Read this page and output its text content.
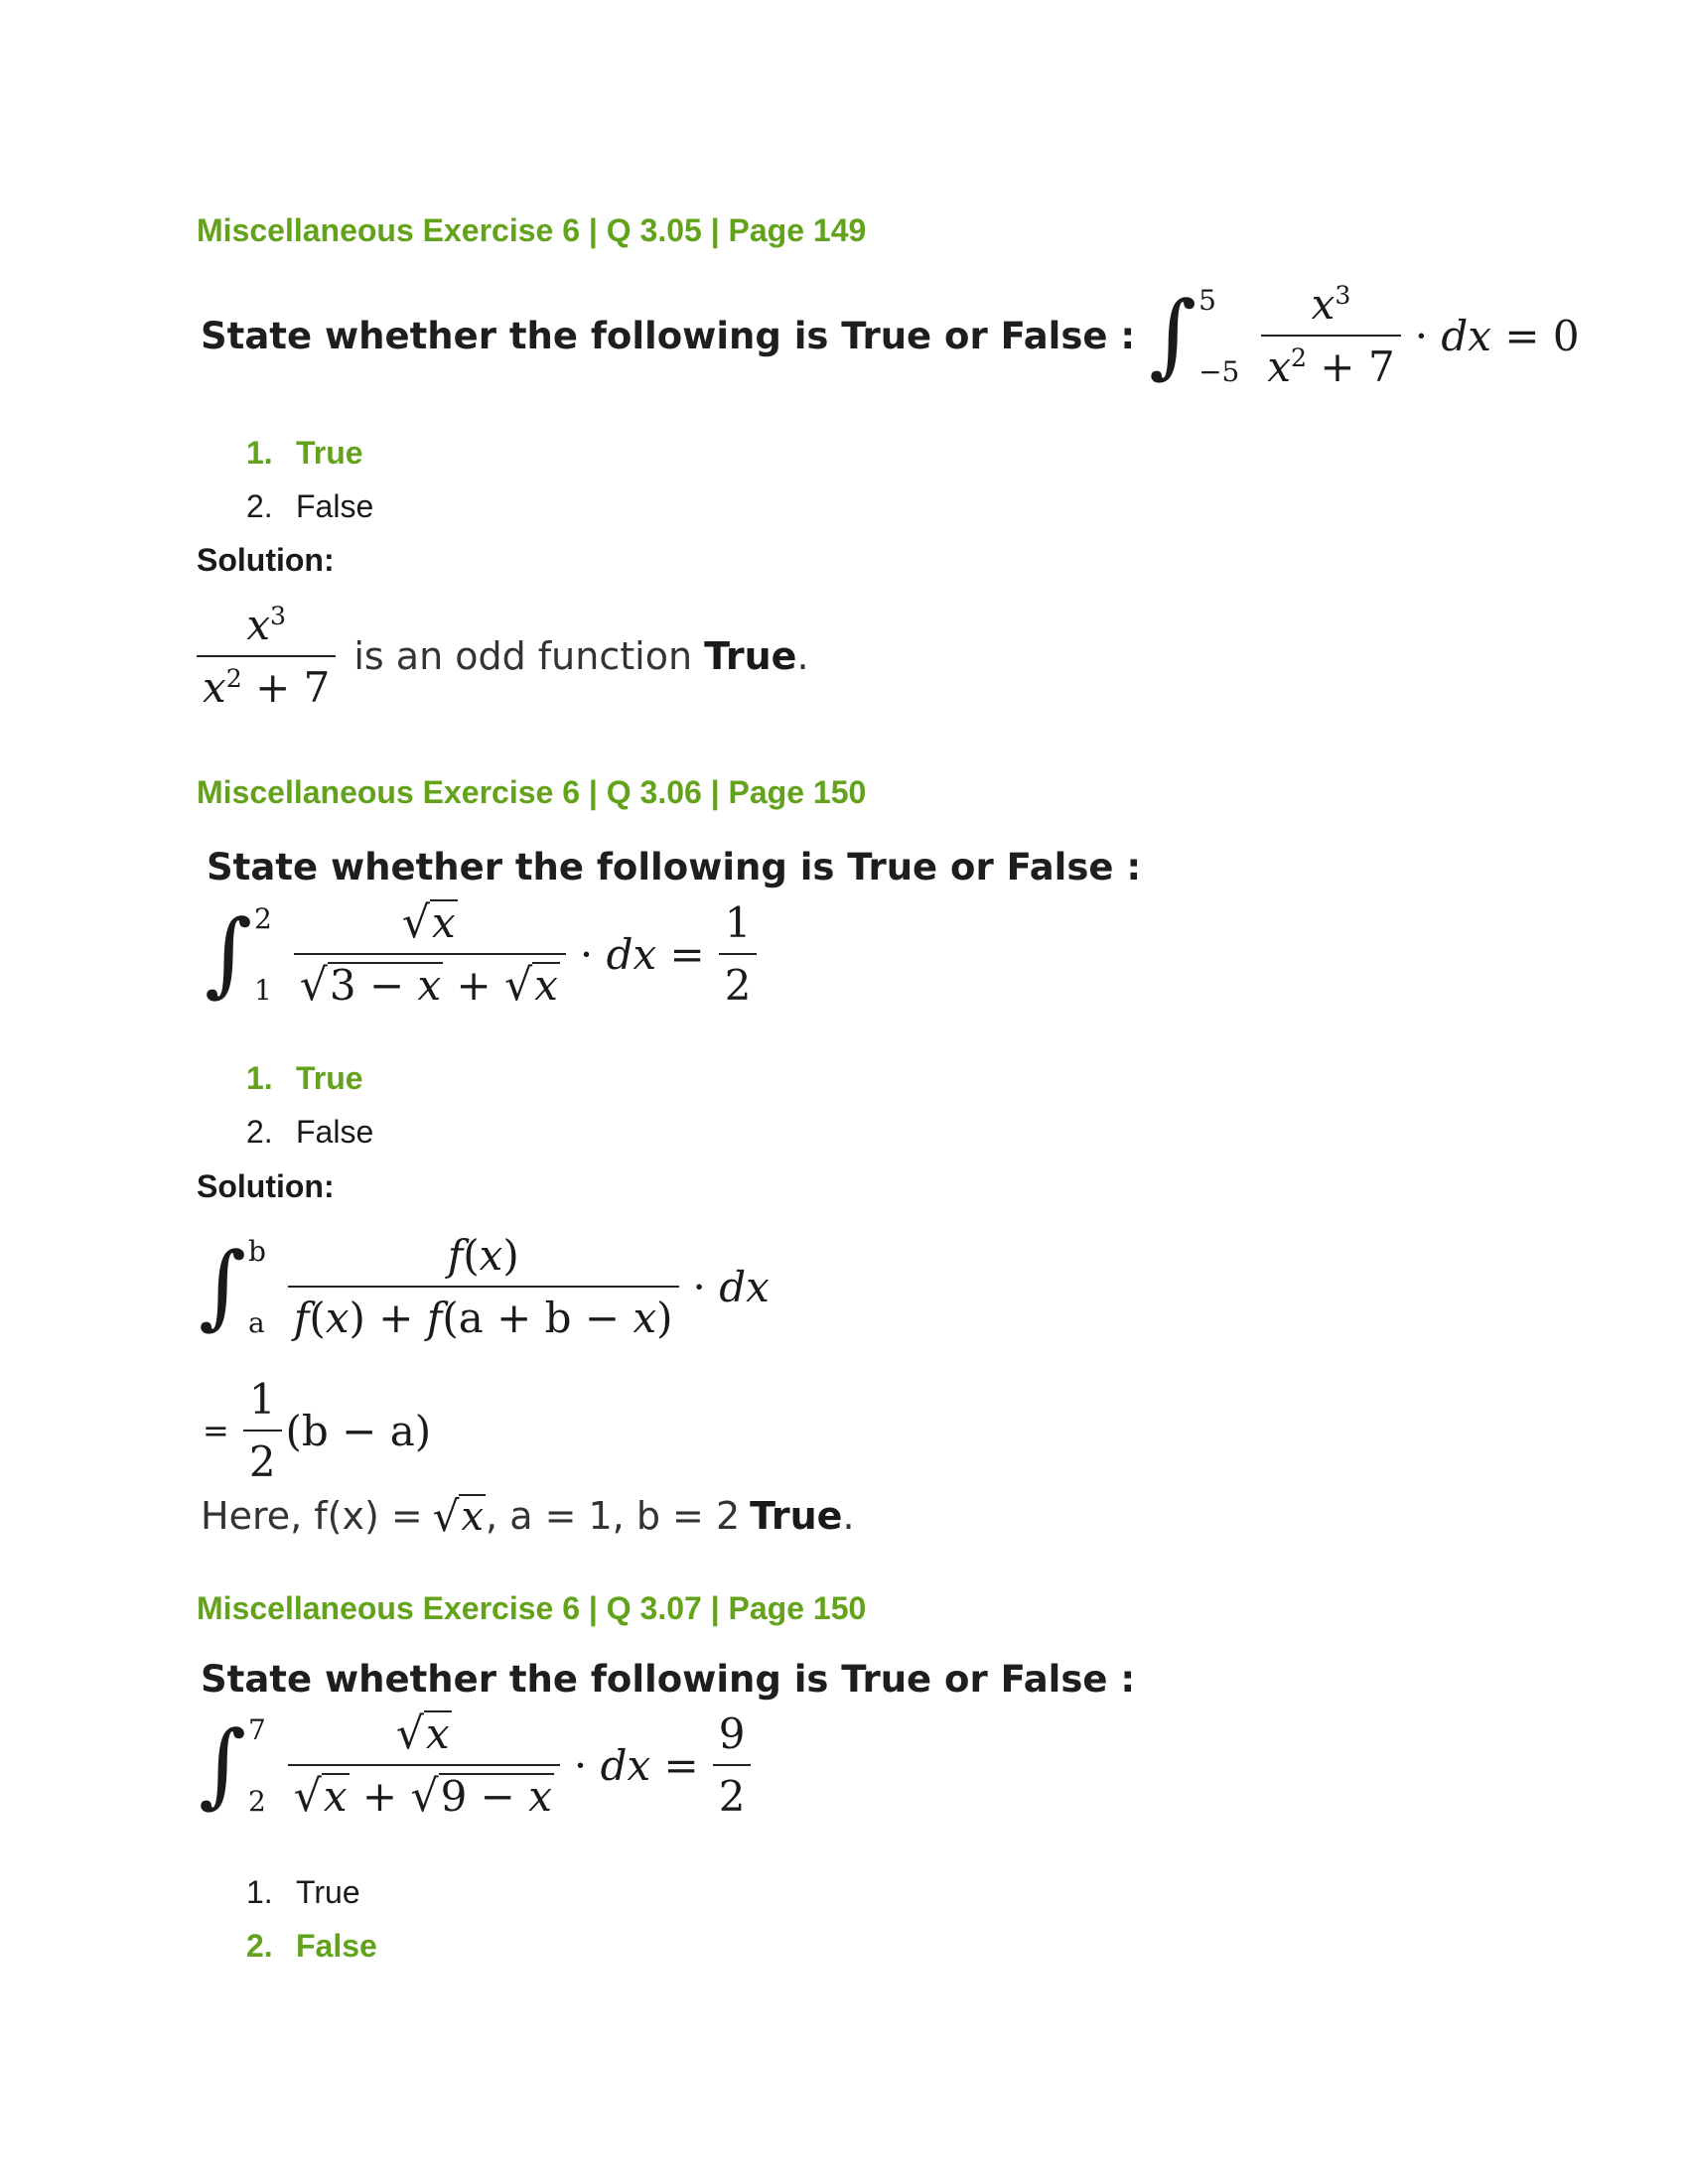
Miscellaneous Exercise 6 | Q 3.05 | Page 149
State whether the following is True or False : ∫ 5
$-5 \frac{x^3}{x^2 + 7}$ · dx = 0
1. True
2. False
Solution:
$\frac{x^3}{x^2 + 7}$ is an odd function True.
Miscellaneous Exercise 6 | Q 3.06 | Page 150
State whether the following is True or False :
∫ 2
$1 \frac{√ x}{√ 3 - x + √ x}$ · dx = $\frac{1}{2}$
1. True
2. False
Solution:
∫ b
a $\frac{f(x)}{f(x) + f(a + b - x)}$ · dx
= $\frac{1}{2} (b - a)$
Here, f(x) = √ x , a = 1, b = 2 True .
Miscellaneous Exercise 6 | Q 3.07 | Page 150
State whether the following is True or False :
∫ 7
$2 \frac{√ x}{√ x + √ 9 - x}$ · dx = $\frac{9}{2}$
1. True
2. False
